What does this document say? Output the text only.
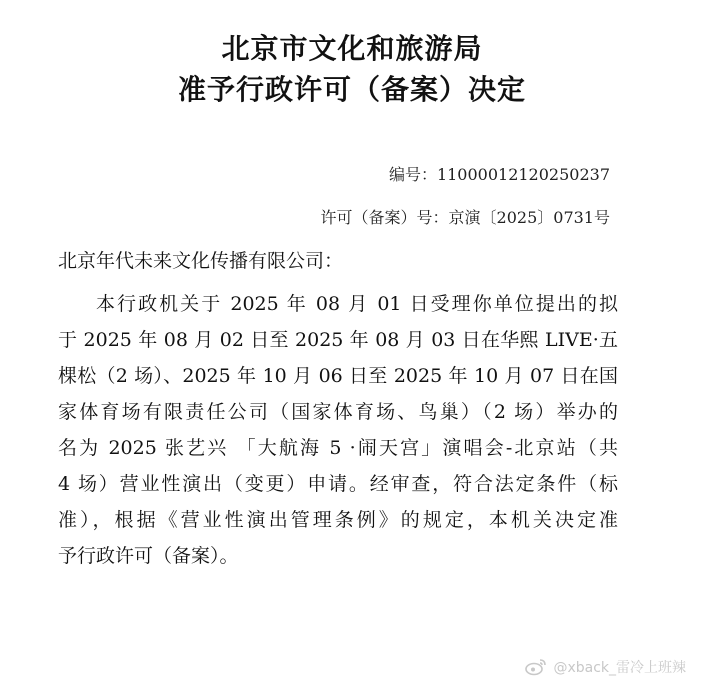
北京市文化和旅游局
准予行政许可（备案）决定
编号：11000012120250237
许可（备案）号：京演〔2025〕0731号
北京年代未来文化传播有限公司：
本行政机关于 2025 年 08 月 01 日受理你单位提出的拟
于 2025 年 08 月 02 日至 2025 年 08 月 03 日在华熙 LIVE·五
棵松（2 场）、2025 年 10 月 06 日至 2025 年 10 月 07 日在国
家体育场有限责任公司（国家体育场、鸟巢）（2 场）举办的
名为 2025 张艺兴 「大航海 5 ·闹天宫」演唱会-北京站（共
4 场）营业性演出（变更）申请。经审查，符合法定条件（标
准），根据《营业性演出管理条例》的规定，本机关决定准
予行政许可（备案）。
@xback_雷冷上班辣
